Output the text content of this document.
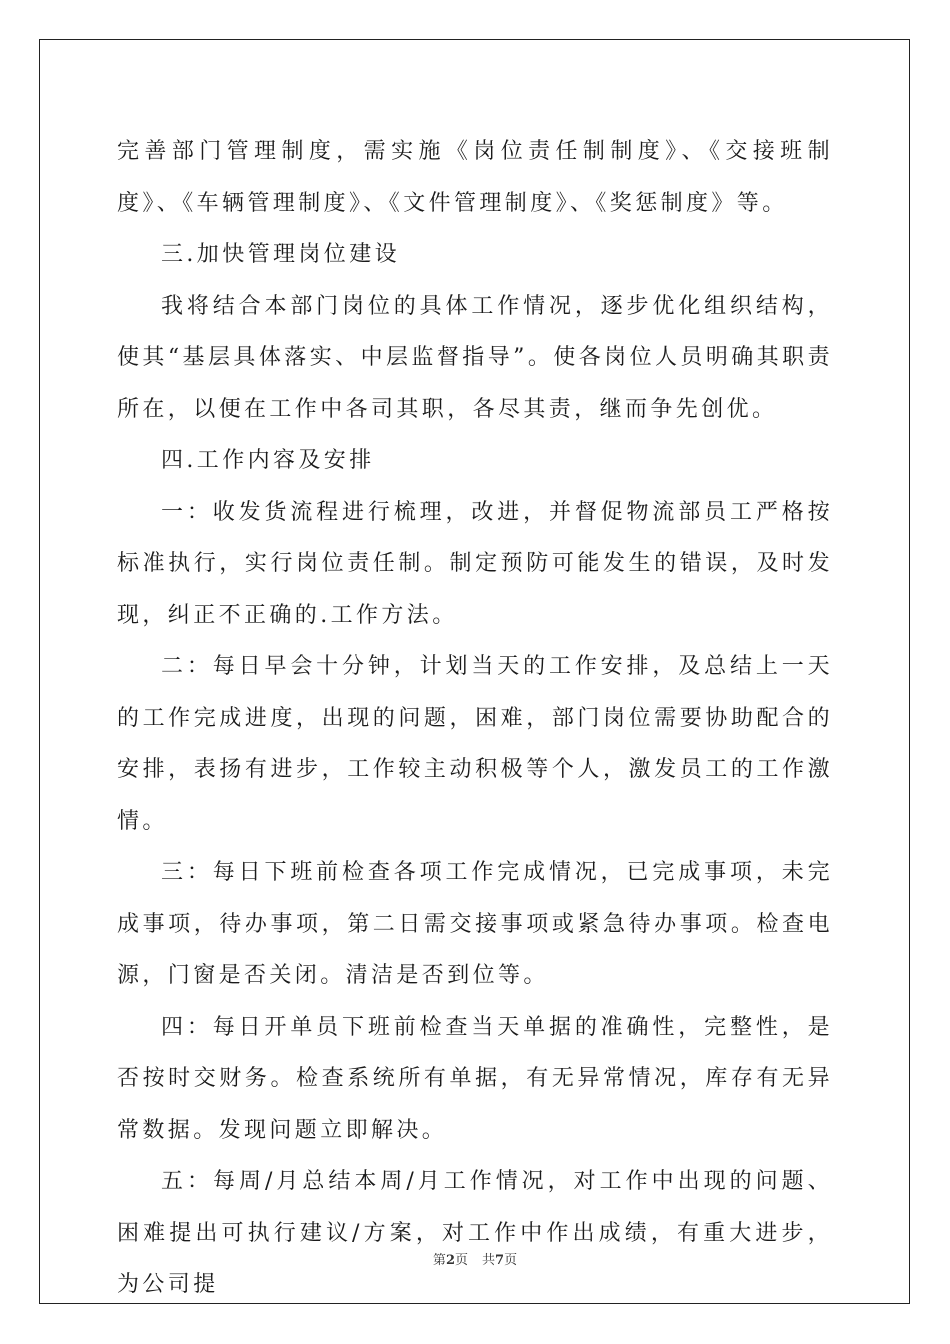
完善部门管理制度，需实施《岗位责任制制度》、《交接班制度》、《车辆管理制度》、《文件管理制度》、《奖惩制度》等。

三.加快管理岗位建设

我将结合本部门岗位的具体工作情况，逐步优化组织结构，使其“基层具体落实、中层监督指导”。使各岗位人员明确其职责所在，以便在工作中各司其职，各尽其责，继而争先创优。

四.工作内容及安排

一：收发货流程进行梳理，改进，并督促物流部员工严格按标准执行，实行岗位责任制。制定预防可能发生的错误，及时发现，纠正不正确的.工作方法。

二：每日早会十分钟，计划当天的工作安排，及总结上一天的工作完成进度，出现的问题，困难，部门岗位需要协助配合的安排，表扬有进步，工作较主动积极等个人，激发员工的工作激情。

三：每日下班前检查各项工作完成情况，已完成事项，未完成事项，待办事项，第二日需交接事项或紧急待办事项。检查电源，门窗是否关闭。清洁是否到位等。

四：每日开单员下班前检查当天单据的准确性，完整性，是否按时交财务。检查系统所有单据，有无异常情况，库存有无异常数据。发现问题立即解决。

五：每周/月总结本周/月工作情况，对工作中出现的问题、困难提出可执行建议/方案，对工作中作出成绩，有重大进步，为公司提

第2页 共7页
